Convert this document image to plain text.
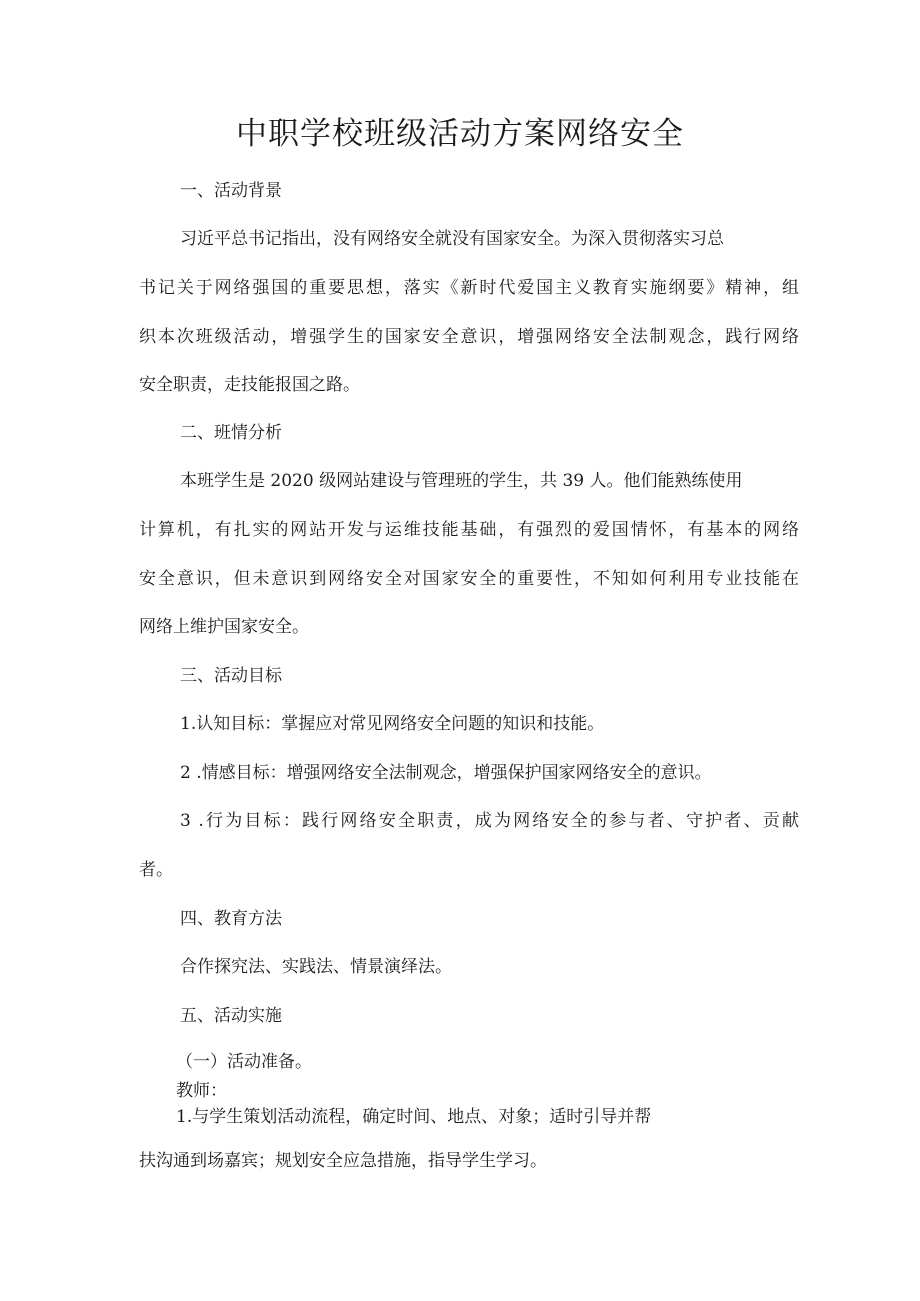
中职学校班级活动方案网络安全
一、活动背景
习近平总书记指出，没有网络安全就没有国家安全。为深入贯彻落实习总
书记关于网络强国的重要思想，落实《新时代爱国主义教育实施纲要》精神，组
织本次班级活动，增强学生的国家安全意识，增强网络安全法制观念，践行网络
安全职责，走技能报国之路。
二、班情分析
本班学生是 2020 级网站建设与管理班的学生，共 39 人。他们能熟练使用
计算机，有扎实的网站开发与运维技能基础，有强烈的爱国情怀，有基本的网络
安全意识，但未意识到网络安全对国家安全的重要性，不知如何利用专业技能在
网络上维护国家安全。
三、活动目标
1.认知目标：掌握应对常见网络安全问题的知识和技能。
2 .情感目标：增强网络安全法制观念，增强保护国家网络安全的意识。
3 .行为目标：践行网络安全职责，成为网络安全的参与者、守护者、贡献
者。
四、教育方法
合作探究法、实践法、情景演绎法。
五、活动实施
（一）活动准备。
教师：
1.与学生策划活动流程，确定时间、地点、对象；适时引导并帮
扶沟通到场嘉宾；规划安全应急措施，指导学生学习。
